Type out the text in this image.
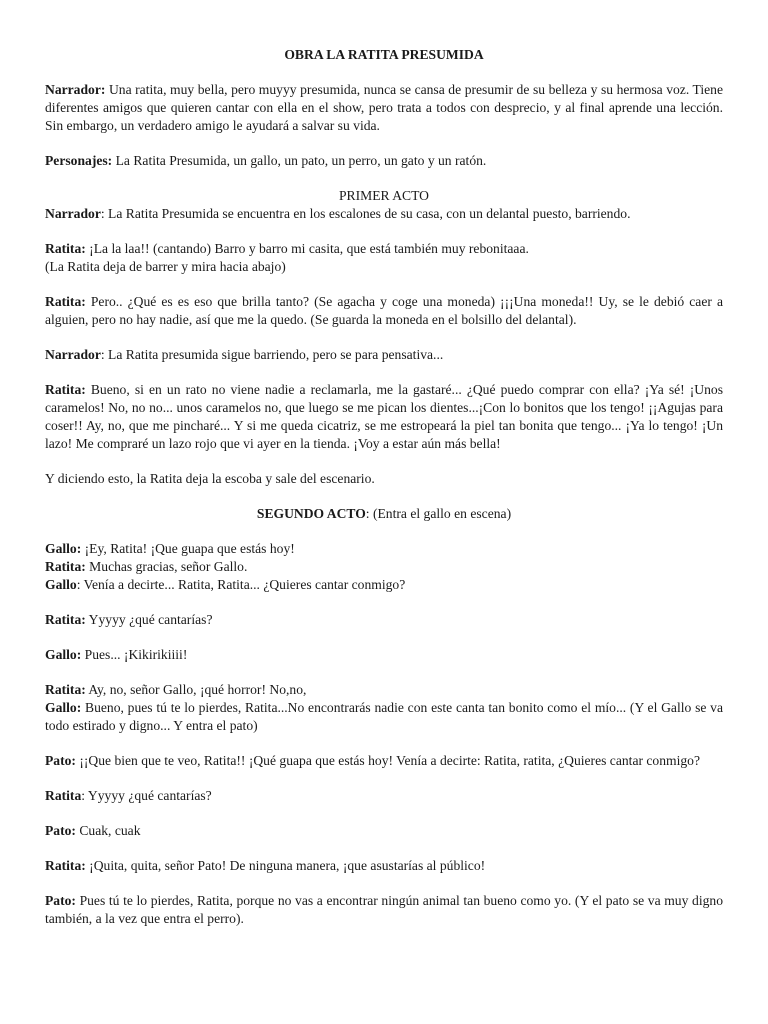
OBRA LA RATITA PRESUMIDA

Narrador: Una ratita, muy bella, pero muyyy presumida, nunca se cansa de presumir de su belleza y su hermosa voz. Tiene diferentes amigos que quieren cantar con ella en el show, pero trata a todos con desprecio, y al final aprende una lección. Sin embargo, un verdadero amigo le ayudará a salvar su vida.

Personajes: La Ratita Presumida, un gallo, un pato, un perro, un gato y un ratón.

PRIMER ACTO

Narrador: La Ratita Presumida se encuentra en los escalones de su casa, con un delantal puesto, barriendo.

Ratita: ¡La la laa!! (cantando) Barro y barro mi casita, que está también muy rebonitaaa.
(La Ratita deja de barrer y mira hacia abajo)

Ratita: Pero.. ¿Qué es es eso que brilla tanto? (Se agacha y coge una moneda) ¡¡¡Una moneda!! Uy, se le debió caer a alguien, pero no hay nadie, así que me la quedo. (Se guarda la moneda en el bolsillo del delantal).

Narrador: La Ratita presumida sigue barriendo, pero se para pensativa...

Ratita: Bueno, si en un rato no viene nadie a reclamarla, me la gastaré... ¿Qué puedo comprar con ella? ¡Ya sé! ¡Unos caramelos! No, no no... unos caramelos no, que luego se me pican los dientes...¡Con lo bonitos que los tengo! ¡¡Agujas para coser!! Ay, no, que me pincharé... Y si me queda cicatriz, se me estropeará la piel tan bonita que tengo... ¡Ya lo tengo! ¡Un lazo! Me compraré un lazo rojo que vi ayer en la tienda. ¡Voy a estar aún más bella!

Y diciendo esto, la Ratita deja la escoba y sale del escenario.

SEGUNDO ACTO: (Entra el gallo en escena)

Gallo: ¡Ey, Ratita! ¡Que guapa que estás hoy!
Ratita: Muchas gracias, señor Gallo.
Gallo: Venía a decirte... Ratita, Ratita... ¿Quieres cantar conmigo?

Ratita: Yyyyy ¿qué cantarías?

Gallo: Pues... ¡Kikirikiiii!

Ratita: Ay, no, señor Gallo, ¡qué horror! No,no,
Gallo: Bueno, pues tú te lo pierdes, Ratita...No encontrarás nadie con este canta tan bonito como el mío... (Y el Gallo se va todo estirado y digno... Y entra el pato)

Pato: ¡¡Que bien que te veo, Ratita!! ¡Qué guapa que estás hoy! Venía a decirte: Ratita, ratita, ¿Quieres cantar conmigo?

Ratita: Yyyyy ¿qué cantarías?

Pato: Cuak, cuak

Ratita: ¡Quita, quita, señor Pato! De ninguna manera, ¡que asustarías al público!

Pato: Pues tú te lo pierdes, Ratita, porque no vas a encontrar ningún animal tan bueno como yo. (Y el pato se va muy digno también, a la vez que entra el perro).
